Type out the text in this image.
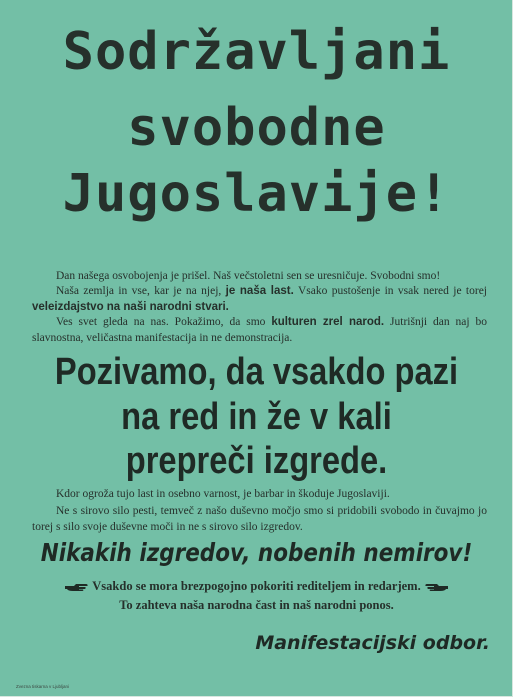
Sodržavljani
svobodne
Jugoslavije!
Dan našega osvobojenja je prišel. Naš večstoletni sen se uresničuje. Svobodni smo!
Naša zemlja in vse, kar je na njej, je naša last. Vsako pustošenje in vsak nered je torej veleizdajstvo na naši narodni stvari.
Ves svet gleda na nas. Pokažimo, da smo kulturen zrel narod. Jutrišnji dan naj bo slavnostna, veličastna manifestacija in ne demonstracija.
Pozivamo, da vsakdo pazi
na red in že v kali
prepreči izgrede.
Kdor ogroža tujo last in osebno varnost, je barbar in škoduje Jugoslaviji.
Ne s sirovo silo pesti, temveč z našo duševno močjo smo si pridobili svobodo in čuvajmo jo torej s silo svoje duševne moči in ne s sirovo silo izgredov.
Nikakih izgredov, nobenih nemirov!
Vsakdo se mora brezpogojno pokoriti rediteljem in redarjem.
To zahteva naša narodna čast in naš narodni ponos.
Manifestacijski odbor.
Zvezna tiskarna v Ljubljani
